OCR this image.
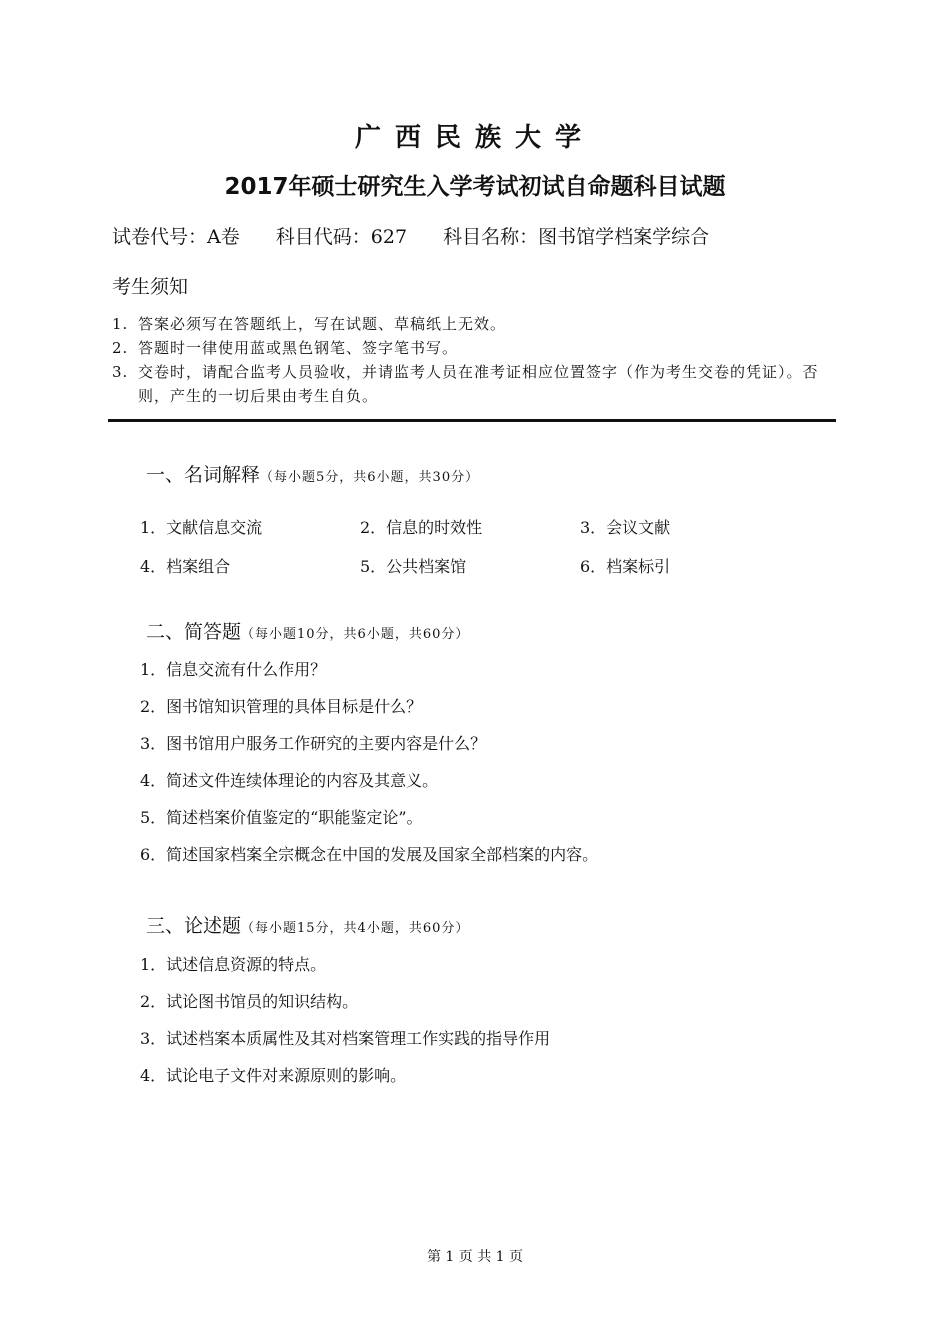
广西民族大学
2017年硕士研究生入学考试初试自命题科目试题
试卷代号：A卷 科目代码：627 科目名称：图书馆学档案学综合
考生须知
1. 答案必须写在答题纸上，写在试题、草稿纸上无效。
2. 答题时一律使用蓝或黑色钢笔、签字笔书写。
3. 交卷时，请配合监考人员验收，并请监考人员在准考证相应位置签字（作为考生交卷的凭证）。否则，产生的一切后果由考生自负。
一、名词解释（每小题5分，共6小题，共30分）
1．文献信息交流	2．信息的时效性	3．会议文献
4．档案组合	5．公共档案馆	6．档案标引
二、简答题（每小题10分，共6小题，共60分）
1．信息交流有什么作用？
2．图书馆知识管理的具体目标是什么？
3．图书馆用户服务工作研究的主要内容是什么？
4．简述文件连续体理论的内容及其意义。
5．简述档案价值鉴定的“职能鉴定论”。
6．简述国家档案全宗概念在中国的发展及国家全部档案的内容。
三、论述题（每小题15分，共4小题，共60分）
1．试述信息资源的特点。
2．试论图书馆员的知识结构。
3．试述档案本质属性及其对档案管理工作实践的指导作用
4．试论电子文件对来源原则的影响。
第 1 页 共 1 页
